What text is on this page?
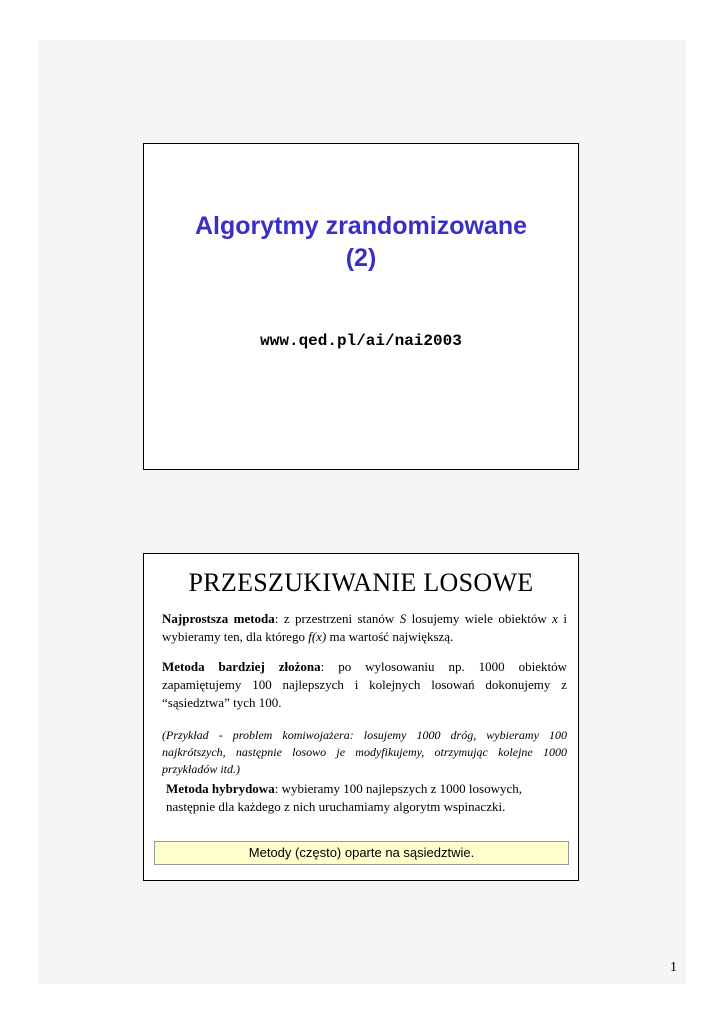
Algorytmy zrandomizowane
(2)
www.qed.pl/ai/nai2003
PRZESZUKIWANIE LOSOWE
Najprostsza metoda: z przestrzeni stanów S losujemy wiele obiektów x i wybieramy ten, dla którego f(x) ma wartość największą.
Metoda bardziej złożona: po wylosowaniu np. 1000 obiektów zapamiętujemy 100 najlepszych i kolejnych losowań dokonujemy z “sąsiedztwa” tych 100.
(Przykład - problem komiwojażera: losujemy 1000 dróg, wybieramy 100 najkrótszych, następnie losowo je modyfikujemy, otrzymując kolejne 1000 przykładów itd.)
Metoda hybrydowa: wybieramy 100 najlepszych z 1000 losowych, następnie dla każdego z nich uruchamiamy algorytm wspinaczki.
Metody (często) oparte na sąsiedztwie.
1
